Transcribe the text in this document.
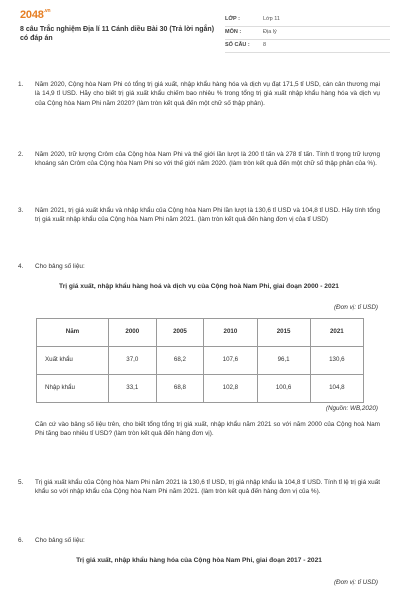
$2048^{.vn}$
8 câu Trắc nghiệm Địa lí 11 Cánh diều Bài 30 (Trả lời ngắn) có đáp án
LỚP :	Lớp 11
MÔN :	Địa lý
SỐ CÂU :	8
1. Năm 2020, Cộng hòa Nam Phi có tổng trị giá xuất, nhập khẩu hàng hóa và dịch vụ đạt 171,5 tỉ USD, cán cân thương mại là 14,9 tỉ USD. Hãy cho biết trị giá xuất khẩu chiếm bao nhiêu % trong tổng trị giá xuất nhập khẩu hàng hóa và dịch vụ của Cộng hòa Nam Phi năm 2020? (làm tròn kết quả đến một chữ số thập phân).
2. Năm 2020, trữ lượng Crôm của Cộng hòa Nam Phi và thế giới lần lượt là 200 tỉ tấn và 278 tỉ tấn. Tính tỉ trọng trữ lượng khoáng sản Crôm của Cộng hòa Nam Phi so với thế giới năm 2020. (làm tròn kết quả đến một chữ số thập phân của %).
3. Năm 2021, trị giá xuất khẩu và nhập khẩu của Cộng hòa Nam Phi lần lượt là 130,6 tỉ USD và 104,8 tỉ USD. Hãy tính tổng trị giá xuất nhập khẩu của Cộng hòa Nam Phi năm 2021. (làm tròn kết quả đến hàng đơn vị của tỉ USD)
4. Cho bảng số liệu:
Trị giá xuất, nhập khẩu hàng hoá và dịch vụ của Cộng hoà Nam Phi, giai đoạn 2000 - 2021
(Đơn vị: tỉ USD)
Năm	2000	2005	2010	2015	2021
Xuất khẩu	37,0	68,2	107,6	96,1	130,6
Nhập khẩu	33,1	68,8	102,8	100,6	104,8
(Nguồn: WB,2020)
Căn cứ vào bảng số liệu trên, cho biết tổng tổng trị giá xuất, nhập khẩu năm 2021 so với năm 2000 của Cộng hoà Nam Phi tăng bao nhiêu tỉ USD? (làm tròn kết quả đến hàng đơn vị).
5. Trị giá xuất khẩu của Cộng hòa Nam Phi năm 2021 là 130,6 tỉ USD, trị giá nhập khẩu là 104,8 tỉ USD. Tính tỉ lệ trị giá xuất khẩu so với nhập khẩu của Cộng hòa Nam Phi năm 2021. (làm tròn kết quả đến hàng đơn vị của %).
6. Cho bảng số liệu:
Trị giá xuất, nhập khẩu hàng hóa của Cộng hòa Nam Phi, giai đoạn 2017 - 2021
(Đơn vị: tỉ USD)
